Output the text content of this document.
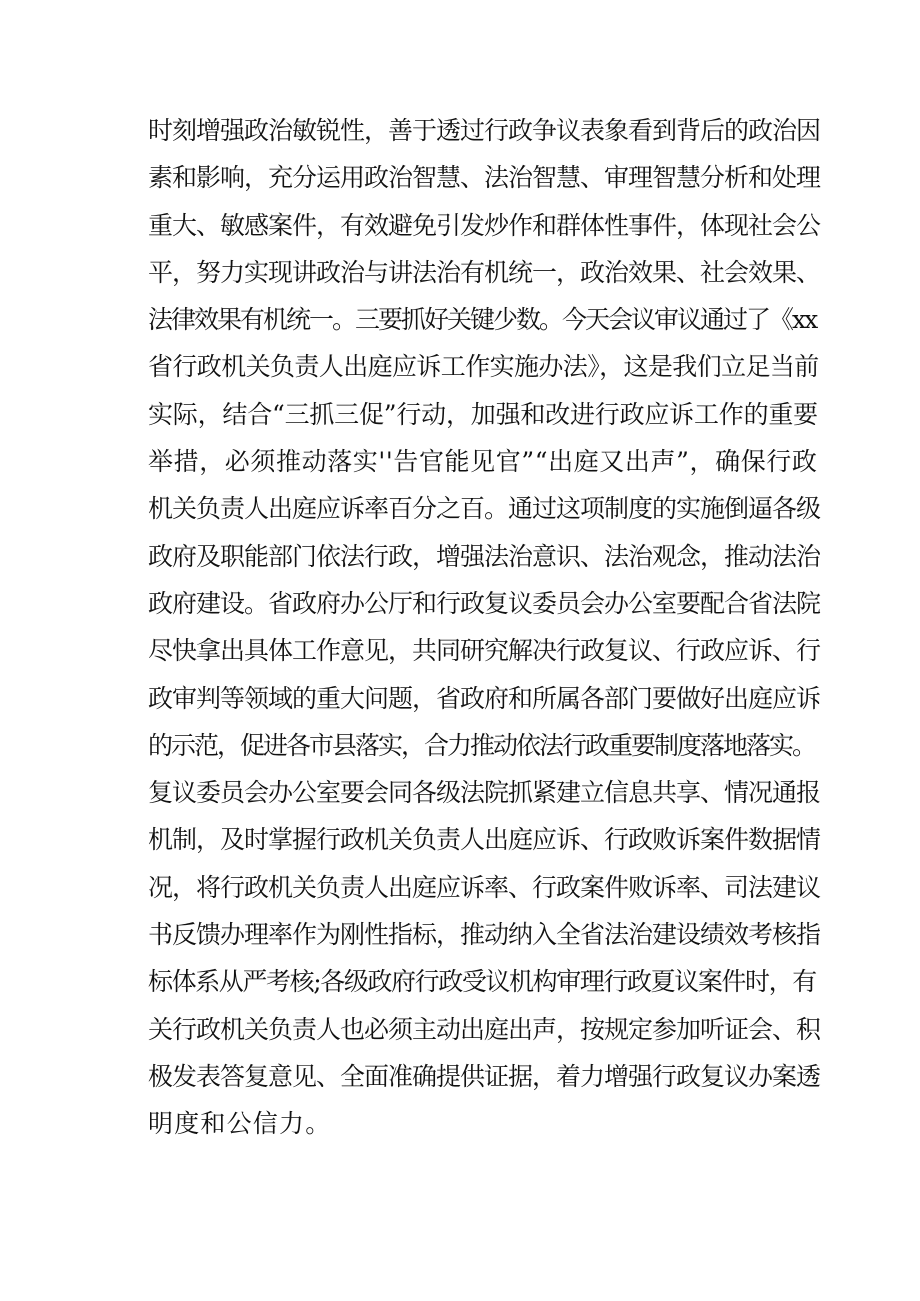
时刻增强政治敏锐性，善于透过行政争议表象看到背后的政治因
素和影响，充分运用政治智慧、法治智慧、审理智慧分析和处理
重大、敏感案件，有效避免引发炒作和群体性事件，体现社会公
平，努力实现讲政治与讲法治有机统一，政治效果、社会效果、
法律效果有机统一。三要抓好关键少数。今天会议审议通过了《xx
省行政机关负责人出庭应诉工作实施办法》，这是我们立足当前
实际，结合“三抓三促”行动，加强和改进行政应诉工作的重要
举措，必须推动落实''告官能见官”“出庭又出声”，确保行政
机关负责人出庭应诉率百分之百。通过这项制度的实施倒逼各级
政府及职能部门依法行政，增强法治意识、法治观念，推动法治
政府建设。省政府办公厅和行政复议委员会办公室要配合省法院
尽快拿出具体工作意见，共同研究解决行政复议、行政应诉、行
政审判等领域的重大问题，省政府和所属各部门要做好出庭应诉
的示范，促进各市县落实，合力推动依法行政重要制度落地落实。
复议委员会办公室要会同各级法院抓紧建立信息共享、情况通报
机制，及时掌握行政机关负责人出庭应诉、行政败诉案件数据情
况，将行政机关负责人出庭应诉率、行政案件败诉率、司法建议
书反馈办理率作为刚性指标，推动纳入全省法治建设绩效考核指
标体系从严考核;各级政府行政受议机构审理行政夏议案件时，有
关行政机关负责人也必须主动出庭出声，按规定参加听证会、积
极发表答复意见、全面准确提供证据，着力增强行政复议办案透
明度和公信力。
